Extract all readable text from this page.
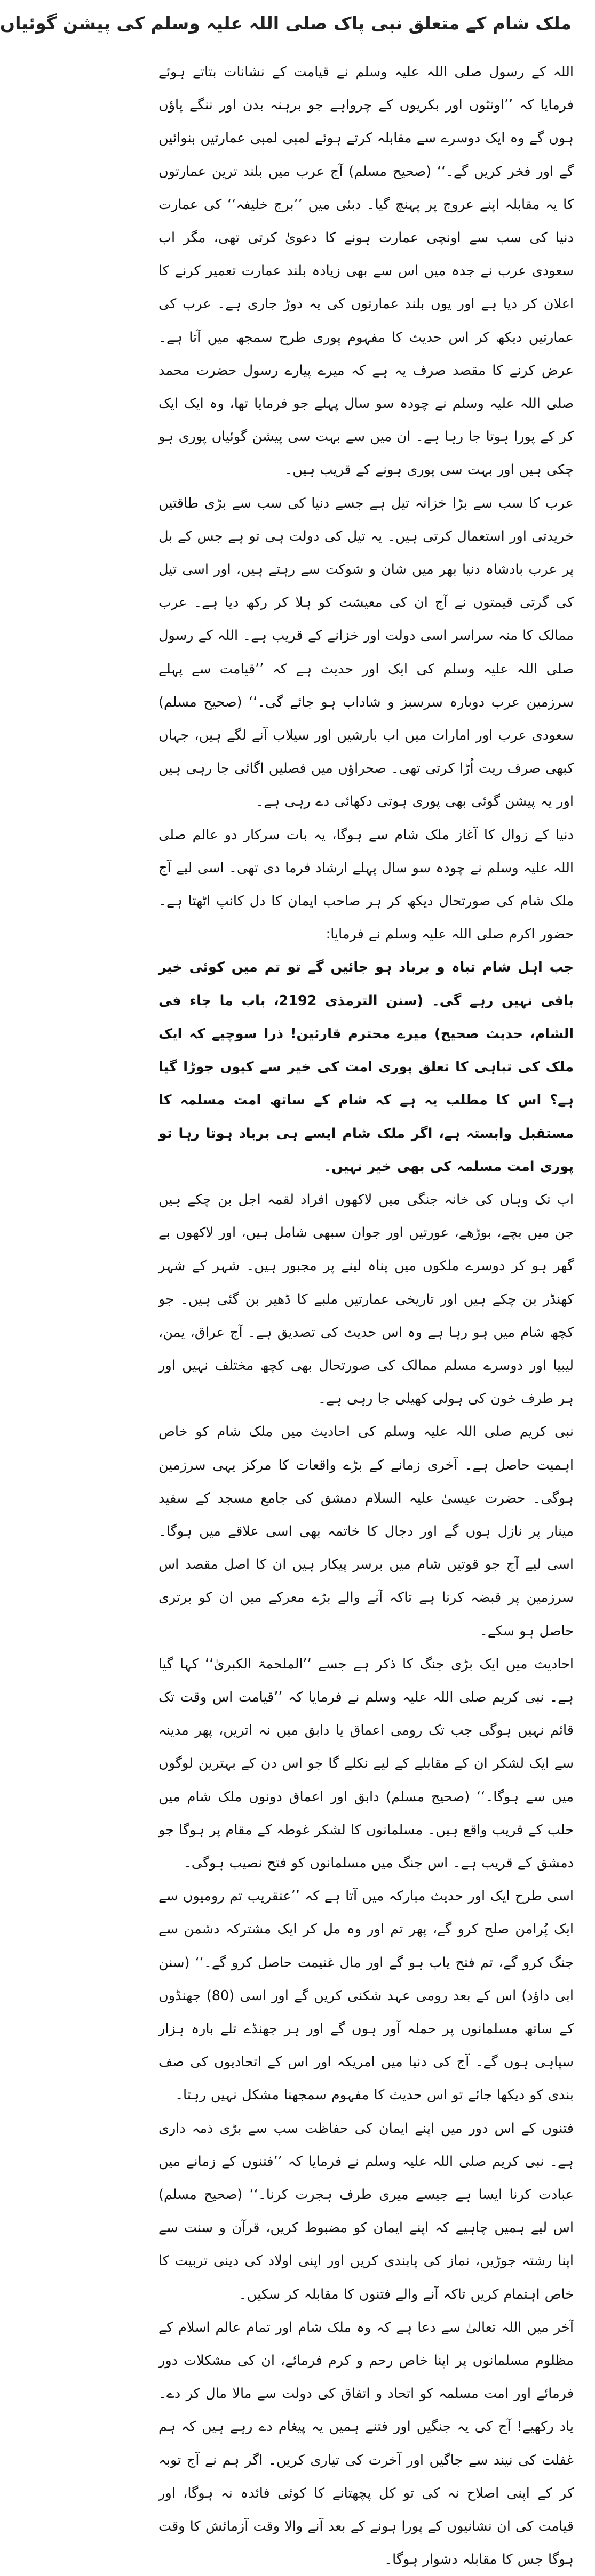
ملک شام کے متعلق نبی پاک صلی اللہ علیہ وسلم کی پیشن گوئیاں

اللہ کے رسول صلی اللہ علیہ وسلم نے قیامت کے نشانات بتاتے ہوئے فرمایا کہ ’’اونٹوں اور بکریوں کے چرواہے جو برہنہ بدن اور ننگے پاؤں ہوں گے وہ ایک دوسرے سے مقابلہ کرتے ہوئے لمبی لمبی عمارتیں بنوائیں گے اور فخر کریں گے۔‘‘ (صحیح مسلم) آج عرب میں بلند ترین عمارتوں کا یہ مقابلہ اپنے عروج پر پہنچ گیا۔ دبئی میں ’’برج خلیفہ‘‘ کی عمارت دنیا کی سب سے اونچی عمارت ہونے کا دعویٰ کرتی تھی، مگر اب سعودی عرب نے جدہ میں اس سے بھی زیادہ بلند عمارت تعمیر کرنے کا اعلان کر دیا ہے اور یوں بلند عمارتوں کی یہ دوڑ جاری ہے۔ عرب کی عمارتیں دیکھ کر اس حدیث کا مفہوم پوری طرح سمجھ میں آتا ہے۔ عرض کرنے کا مقصد صرف یہ ہے کہ میرے پیارے رسول حضرت محمد صلی اللہ علیہ وسلم نے چودہ سو سال پہلے جو فرمایا تھا، وہ ایک ایک کر کے پورا ہوتا جا رہا ہے۔ ان میں سے بہت سی پیشن گوئیاں پوری ہو چکی ہیں اور بہت سی پوری ہونے کے قریب ہیں۔

عرب کا سب سے بڑا خزانہ تیل ہے جسے دنیا کی سب سے بڑی طاقتیں خریدتی اور استعمال کرتی ہیں۔ یہ تیل کی دولت ہی تو ہے جس کے بل پر عرب بادشاہ دنیا بھر میں شان و شوکت سے رہتے ہیں، اور اسی تیل کی گرتی قیمتوں نے آج ان کی معیشت کو ہلا کر رکھ دیا ہے۔ عرب ممالک کا منہ سراسر اسی دولت اور خزانے کے قریب ہے۔ اللہ کے رسول صلی اللہ علیہ وسلم کی ایک اور حدیث ہے کہ ’’قیامت سے پہلے سرزمین عرب دوبارہ سرسبز و شاداب ہو جائے گی۔‘‘ (صحیح مسلم) سعودی عرب اور امارات میں اب بارشیں اور سیلاب آنے لگے ہیں، جہاں کبھی صرف ریت اُڑا کرتی تھی۔ صحراؤں میں فصلیں اگائی جا رہی ہیں اور یہ پیشن گوئی بھی پوری ہوتی دکھائی دے رہی ہے۔

دنیا کے زوال کا آغاز ملک شام سے ہوگا، یہ بات سرکار دو عالم صلی اللہ علیہ وسلم نے چودہ سو سال پہلے ارشاد فرما دی تھی۔ اسی لیے آج ملک شام کی صورتحال دیکھ کر ہر صاحب ایمان کا دل کانپ اٹھتا ہے۔ حضور اکرم صلی اللہ علیہ وسلم نے فرمایا:

جب اہل شام تباہ و برباد ہو جائیں گے تو تم میں کوئی خیر باقی نہیں رہے گی۔ (سنن الترمذی 2192، باب ما جاء فی الشام، حدیث صحیح) میرے محترم قارئین! ذرا سوچیے کہ ایک ملک کی تباہی کا تعلق پوری امت کی خیر سے کیوں جوڑا گیا ہے؟ اس کا مطلب یہ ہے کہ شام کے ساتھ امت مسلمہ کا مستقبل وابستہ ہے، اگر ملک شام ایسے ہی برباد ہوتا رہا تو پوری امت مسلمہ کی بھی خیر نہیں۔

اب تک وہاں کی خانہ جنگی میں لاکھوں افراد لقمہ اجل بن چکے ہیں جن میں بچے، بوڑھے، عورتیں اور جوان سبھی شامل ہیں، اور لاکھوں بے گھر ہو کر دوسرے ملکوں میں پناہ لینے پر مجبور ہیں۔ شہر کے شہر کھنڈر بن چکے ہیں اور تاریخی عمارتیں ملبے کا ڈھیر بن گئی ہیں۔ جو کچھ شام میں ہو رہا ہے وہ اس حدیث کی تصدیق ہے۔ آج عراق، یمن، لیبیا اور دوسرے مسلم ممالک کی صورتحال بھی کچھ مختلف نہیں اور ہر طرف خون کی ہولی کھیلی جا رہی ہے۔

نبی کریم صلی اللہ علیہ وسلم کی احادیث میں ملک شام کو خاص اہمیت حاصل ہے۔ آخری زمانے کے بڑے واقعات کا مرکز یہی سرزمین ہوگی۔ حضرت عیسیٰ علیہ السلام دمشق کی جامع مسجد کے سفید مینار پر نازل ہوں گے اور دجال کا خاتمہ بھی اسی علاقے میں ہوگا۔ اسی لیے آج جو قوتیں شام میں برسر پیکار ہیں ان کا اصل مقصد اس سرزمین پر قبضہ کرنا ہے تاکہ آنے والے بڑے معرکے میں ان کو برتری حاصل ہو سکے۔

احادیث میں ایک بڑی جنگ کا ذکر ہے جسے ’’الملحمۃ الکبریٰ‘‘ کہا گیا ہے۔ نبی کریم صلی اللہ علیہ وسلم نے فرمایا کہ ’’قیامت اس وقت تک قائم نہیں ہوگی جب تک رومی اعماق یا دابق میں نہ اتریں، پھر مدینہ سے ایک لشکر ان کے مقابلے کے لیے نکلے گا جو اس دن کے بہترین لوگوں میں سے ہوگا۔‘‘ (صحیح مسلم) دابق اور اعماق دونوں ملک شام میں حلب کے قریب واقع ہیں۔ مسلمانوں کا لشکر غوطہ کے مقام پر ہوگا جو دمشق کے قریب ہے۔ اس جنگ میں مسلمانوں کو فتح نصیب ہوگی۔

اسی طرح ایک اور حدیث مبارکہ میں آتا ہے کہ ’’عنقریب تم رومیوں سے ایک پُرامن صلح کرو گے، پھر تم اور وہ مل کر ایک مشترکہ دشمن سے جنگ کرو گے، تم فتح یاب ہو گے اور مال غنیمت حاصل کرو گے۔‘‘ (سنن ابی داؤد) اس کے بعد رومی عہد شکنی کریں گے اور اسی (80) جھنڈوں کے ساتھ مسلمانوں پر حملہ آور ہوں گے اور ہر جھنڈے تلے بارہ ہزار سپاہی ہوں گے۔ آج کی دنیا میں امریکہ اور اس کے اتحادیوں کی صف بندی کو دیکھا جائے تو اس حدیث کا مفہوم سمجھنا مشکل نہیں رہتا۔

فتنوں کے اس دور میں اپنے ایمان کی حفاظت سب سے بڑی ذمہ داری ہے۔ نبی کریم صلی اللہ علیہ وسلم نے فرمایا کہ ’’فتنوں کے زمانے میں عبادت کرنا ایسا ہے جیسے میری طرف ہجرت کرنا۔‘‘ (صحیح مسلم) اس لیے ہمیں چاہیے کہ اپنے ایمان کو مضبوط کریں، قرآن و سنت سے اپنا رشتہ جوڑیں، نماز کی پابندی کریں اور اپنی اولاد کی دینی تربیت کا خاص اہتمام کریں تاکہ آنے والے فتنوں کا مقابلہ کر سکیں۔

آخر میں اللہ تعالیٰ سے دعا ہے کہ وہ ملک شام اور تمام عالم اسلام کے مظلوم مسلمانوں پر اپنا خاص رحم و کرم فرمائے، ان کی مشکلات دور فرمائے اور امت مسلمہ کو اتحاد و اتفاق کی دولت سے مالا مال کر دے۔ یاد رکھیے! آج کی یہ جنگیں اور فتنے ہمیں یہ پیغام دے رہے ہیں کہ ہم غفلت کی نیند سے جاگیں اور آخرت کی تیاری کریں۔ اگر ہم نے آج توبہ کر کے اپنی اصلاح نہ کی تو کل پچھتانے کا کوئی فائدہ نہ ہوگا، اور قیامت کی ان نشانیوں کے پورا ہونے کے بعد آنے والا وقت آزمائش کا وقت ہوگا جس کا مقابلہ دشوار ہوگا۔
